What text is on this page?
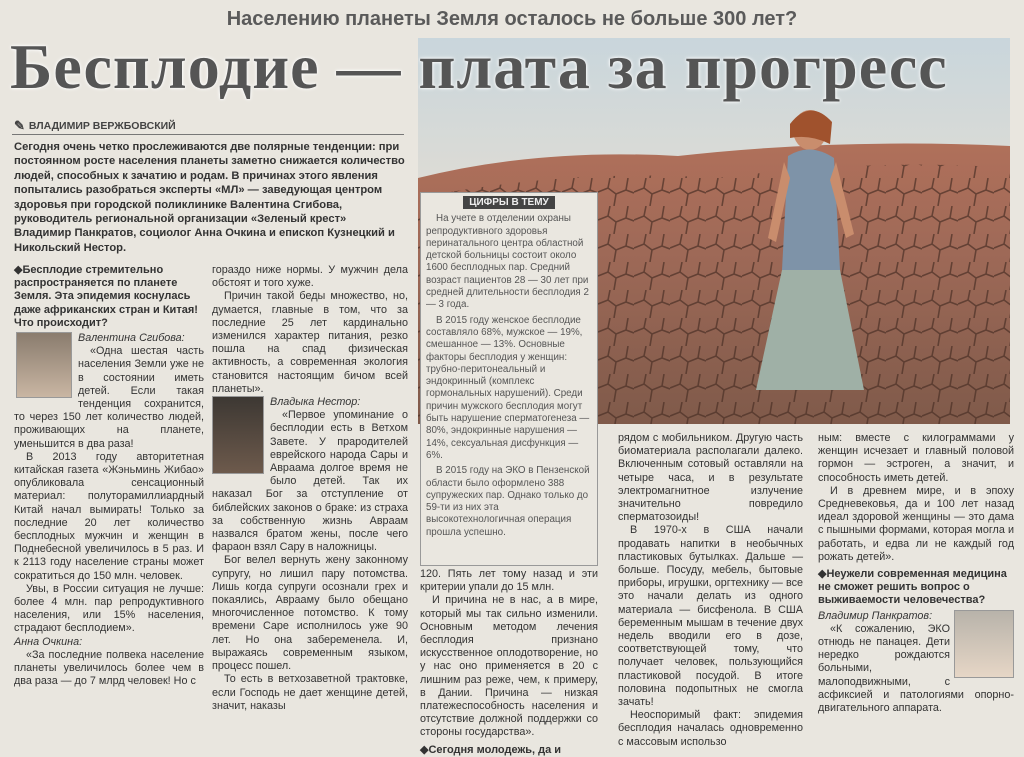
Населению планеты Земля осталось не больше 300 лет?
Бесплодие — плата за прогресс
✎ ВЛАДИМИР ВЕРЖБОВСКИЙ
Сегодня очень четко прослеживаются две полярные тенденции: при постоянном росте населения планеты заметно снижается количество людей, способных к зачатию и родам. В причинах этого явления попытались разобраться эксперты «МЛ» — заведующая центром здоровья при городской поликлинике Валентина Сгибова, руководитель региональной организации «Зеленый крест» Владимир Панкратов, социолог Анна Очкина и епископ Кузнецкий и Никольский Нестор.
ЦИФРЫ В ТЕМУ

На учете в отделении охраны репродуктивного здоровья перинатального центра областной детской больницы состоит около 1600 бесплодных пар. Средний возраст пациентов 28 — 30 лет при средней длительности бесплодия 2 — 3 года.

В 2015 году женское бесплодие составляло 68%, мужское — 19%, смешанное — 13%. Основные факторы бесплодия у женщин: трубно-перитонеальный и эндокринный (комплекс гормональных нарушений). Среди причин мужского бесплодия могут быть нарушение сперматогенеза — 80%, эндокринные нарушения — 14%, сексуальная дисфункция — 6%.

В 2015 году на ЭКО в Пензенской области было оформлено 388 супружеских пар. Однако только до 59-ти из них эта высокотехнологичная операция прошла успешно.

◆ Бесплодие стремительно распространяется по планете Земля. Эта эпидемия коснулась даже африканских стран и Китая! Что происходит?

Валентина Сгибова:

«Одна шестая часть населения Земли уже не в состоянии иметь детей. Если такая тенденция сохранится, то через 150 лет количество людей, проживающих на планете, уменьшится в два раза!

В 2013 году авторитетная китайская газета «Жэньминь Жибао» опубликовала сенсационный материал: полуторамиллиардный Китай начал вымирать! Только за последние 20 лет количество бесплодных мужчин и женщин в Поднебесной увеличилось в 5 раз. И к 2113 году население страны может сократиться до 150 млн. человек.

Увы, в России ситуация не лучше: более 4 млн. пар репродуктивного населения, или 15% населения, страдают бесплодием».

Анна Очкина:

«За последние полвека население планеты увеличилось более чем в два раза — до 7 млрд человек! Но с

гораздо ниже нормы. У мужчин дела обстоят и того хуже.

Причин такой беды множество, но, думается, главные в том, что за последние 25 лет кардинально изменился характер питания, резко пошла на спад физическая активность, а современная экология становится настоящим бичом всей планеты».

Владыка Нестор:

«Первое упоминание о бесплодии есть в Ветхом Завете. У прародителей еврейского народа Сары и Авраама долгое время не было детей. Так их наказал Бог за отступление от библейских законов о браке: из страха за собственную жизнь Авраам назвался братом жены, после чего фараон взял Сару в наложницы.

Бог велел вернуть жену законному супругу, но лишил пару потомства. Лишь когда супруги осознали грех и покаялись, Аврааму было обещано многочисленное потомство. К тому времени Саре исполнилось уже 90 лет. Но она забеременела. И, выражаясь современным языком, процесс пошел.

То есть в ветхозаветной трактовке, если Господь не дает женщине детей, значит, наказы

120. Пять лет тому назад и эти критерии упали до 15 млн.

И причина не в нас, а в мире, который мы так сильно изменили. Основным методом лечения бесплодия признано искусственное оплодотворение, но у нас оно применяется в 20 с лишним раз реже, чем, к примеру, в Дании. Причина — низкая платежеспособность населения и отсутствие должной поддержки со стороны государства».

◆ Сегодня молодежь, да и

рядом с мобильником. Другую часть биоматериала располагали далеко. Включенным сотовый оставляли на четыре часа, и в результате электромагнитное излучение значительно повредило сперматозоиды!

В 1970-х в США начали продавать напитки в необычных пластиковых бутылках. Дальше — больше. Посуду, мебель, бытовые приборы, игрушки, оргтехнику — все это начали делать из одного материала — бисфенола. В США беременным мышам в течение двух недель вводили его в дозе, соответствующей тому, что получает человек, пользующийся пластиковой посудой. В итоге половина подопытных не смогла зачать!

Неоспоримый факт: эпидемия бесплодия началась одновременно с массовым использо

ным: вместе с килограммами у женщин исчезает и главный половой гормон — эстроген, а значит, и способность иметь детей.

И в древнем мире, и в эпоху Средневековья, да и 100 лет назад идеал здоровой женщины — это дама с пышными формами, которая могла и работать, и едва ли не каждый год рожать детей».

◆ Неужели современная медицина не сможет решить вопрос о выживаемости человечества?

Владимир Панкратов:

«К сожалению, ЭКО отнюдь не панацея. Дети нередко рождаются больными, малоподвижными, с асфиксией и патологиями опорно-двигательного аппарата.
